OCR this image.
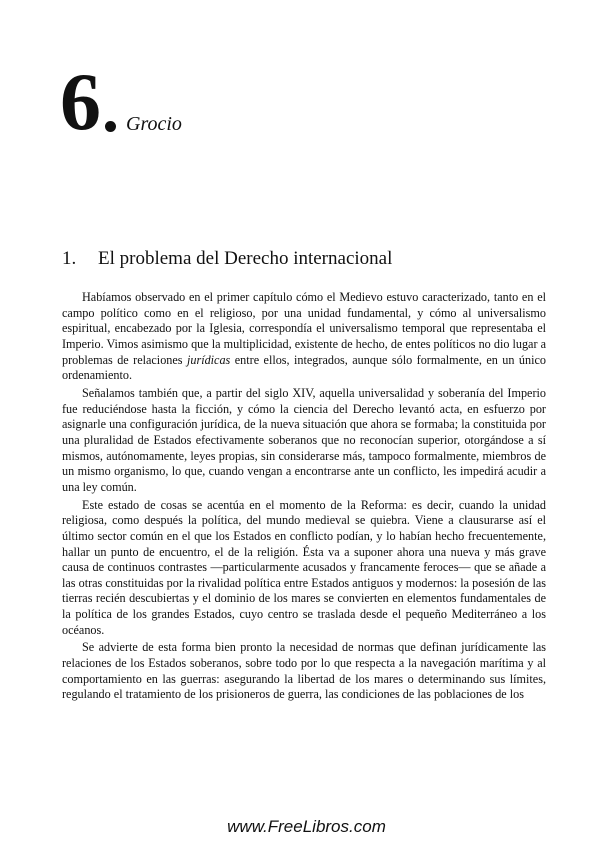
6 Grocio
1. El problema del Derecho internacional

Habíamos observado en el primer capítulo cómo el Medievo estuvo caracterizado, tanto en el campo político como en el religioso, por una unidad fundamental, y cómo al universalismo espiritual, encabezado por la Iglesia, correspondía el universalismo temporal que representaba el Imperio. Vimos asimismo que la multiplicidad, existente de hecho, de entes políticos no dio lugar a problemas de relaciones jurídicas entre ellos, integrados, aunque sólo formalmente, en un único ordenamiento.

Señalamos también que, a partir del siglo XIV, aquella universalidad y soberanía del Imperio fue reduciéndose hasta la ficción, y cómo la ciencia del Derecho levantó acta, en esfuerzo por asignarle una configuración jurídica, de la nueva situación que ahora se formaba; la constituida por una pluralidad de Estados efectivamente soberanos que no reconocían superior, otorgándose a sí mismos, autónomamente, leyes propias, sin considerarse más, tampoco formalmente, miembros de un mismo organismo, lo que, cuando vengan a encontrarse ante un conflicto, les impedirá acudir a una ley común.

Este estado de cosas se acentúa en el momento de la Reforma: es decir, cuando la unidad religiosa, como después la política, del mundo medieval se quiebra. Viene a clausurarse así el último sector común en el que los Estados en conflicto podían, y lo habían hecho frecuentemente, hallar un punto de encuentro, el de la religión. Ésta va a suponer ahora una nueva y más grave causa de continuos contrastes —particularmente acusados y francamente feroces— que se añade a las otras constituidas por la rivalidad política entre Estados antiguos y modernos: la posesión de las tierras recién descubiertas y el dominio de los mares se convierten en elementos fundamentales de la política de los grandes Estados, cuyo centro se traslada desde el pequeño Mediterráneo a los océanos.

Se advierte de esta forma bien pronto la necesidad de normas que definan jurídicamente las relaciones de los Estados soberanos, sobre todo por lo que respecta a la navegación marítima y al comportamiento en las guerras: asegurando la libertad de los mares o determinando sus límites, regulando el tratamiento de los prisioneros de guerra, las condiciones de las poblaciones de los

www.FreeLibros.com
